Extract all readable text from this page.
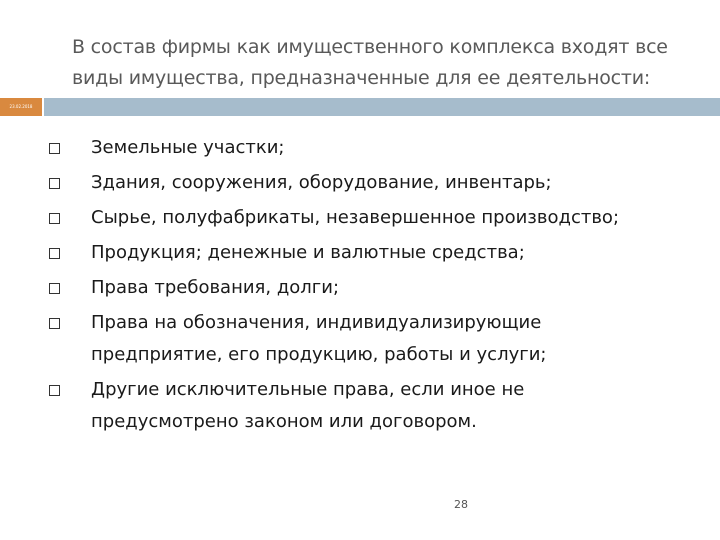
В состав фирмы как имущественного комплекса входят все
виды имущества, предназначенные для ее деятельности:
23.02.2018
Земельные участки;
Здания, сооружения, оборудование, инвентарь;
Сырье, полуфабрикаты, незавершенное производство;
Продукция; денежные и валютные средства;
Права требования, долги;
Права на обозначения, индивидуализирующие предприятие, его продукцию, работы и услуги;
Другие исключительные права, если иное не предусмотрено законом или договором.
28
